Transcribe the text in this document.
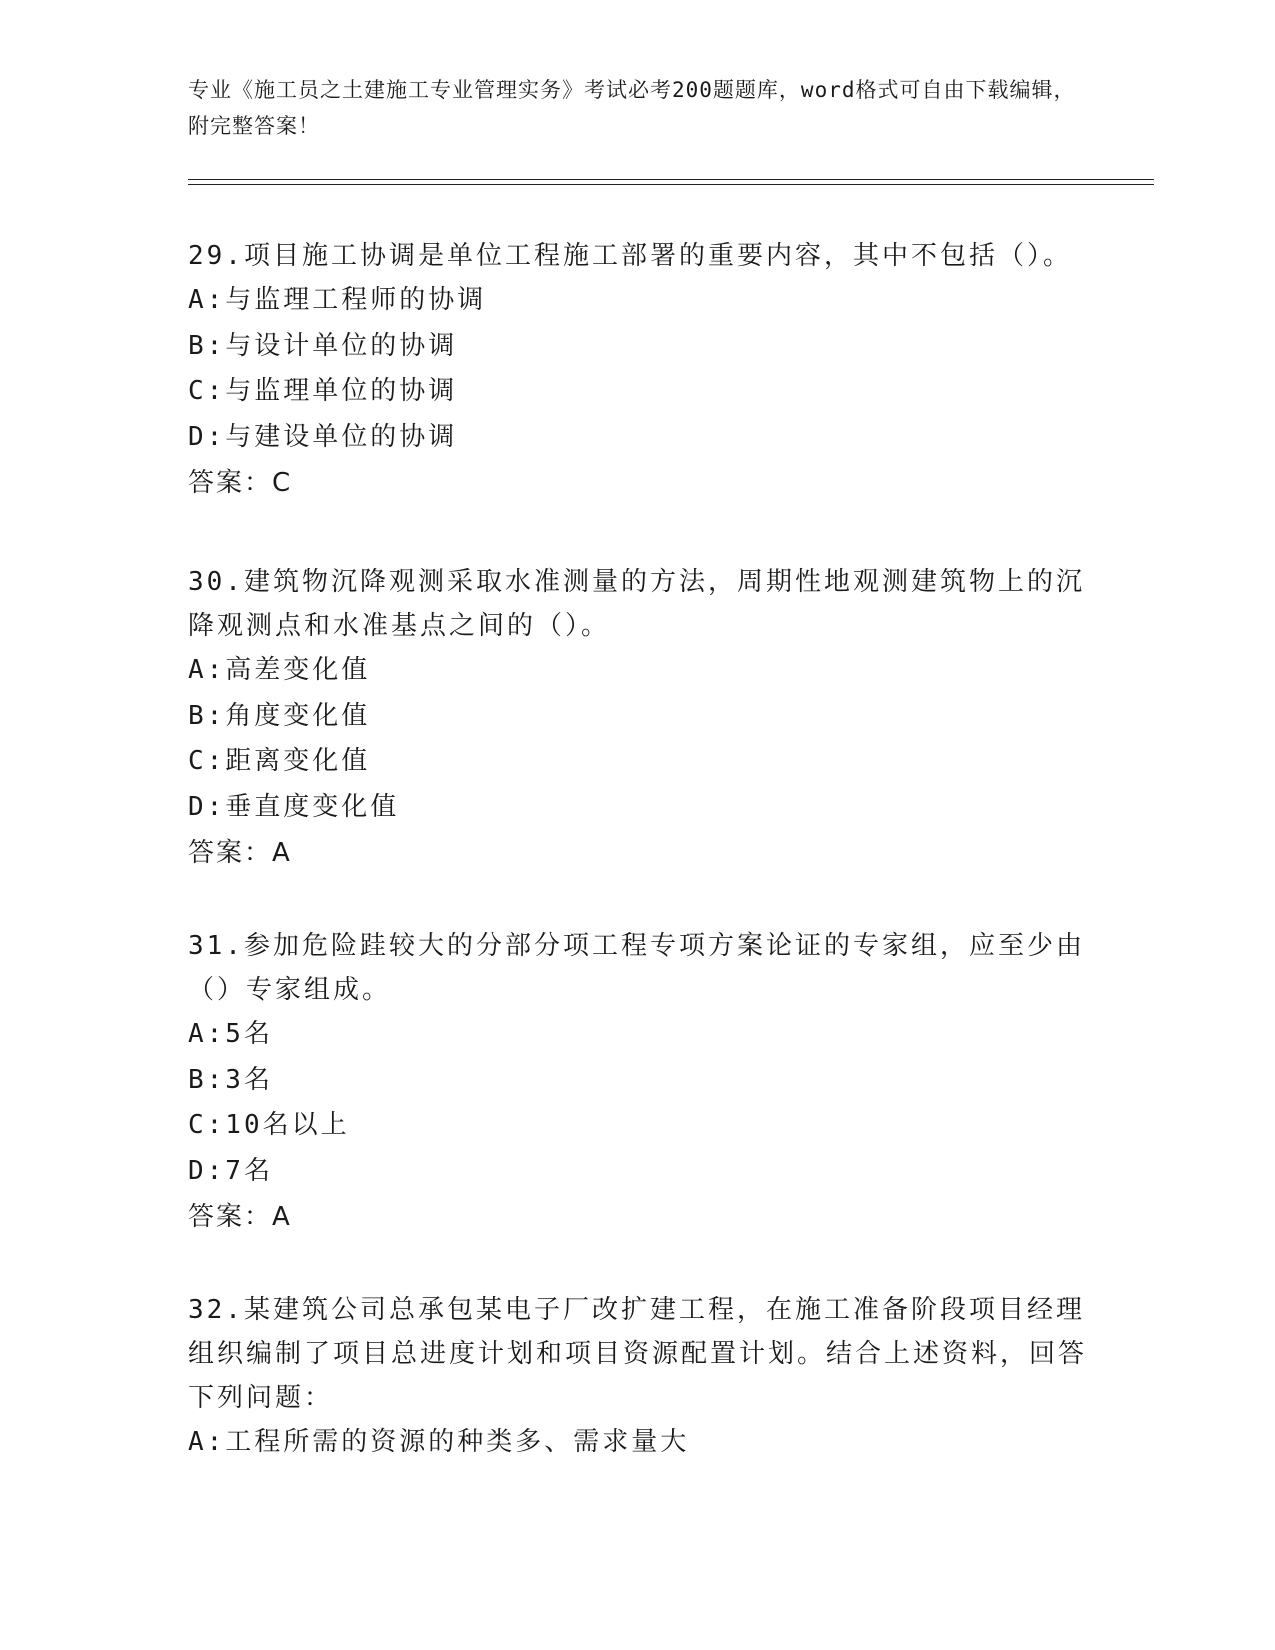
专业《施工员之土建施工专业管理实务》考试必考200题题库，word格式可自由下载编辑，附完整答案！

29.项目施工协调是单位工程施工部署的重要内容，其中不包括（）。

A:与监理工程师的协调

B:与设计单位的协调

C:与监理单位的协调

D:与建设单位的协调

答案：C

30.建筑物沉降观测采取水准测量的方法，周期性地观测建筑物上的沉降观测点和水准基点之间的（）。

A:高差变化值

B:角度变化值

C:距离变化值

D:垂直度变化值

答案：A

31.参加危险跬较大的分部分项工程专项方案论证的专家组，应至少由（）专家组成。

A:5名

B:3名

C:10名以上

D:7名

答案：A

32.某建筑公司总承包某电子厂改扩建工程，在施工准备阶段项目经理组织编制了项目总进度计划和项目资源配置计划。结合上述资料，回答下列问题：

A:工程所需的资源的种类多、需求量大
